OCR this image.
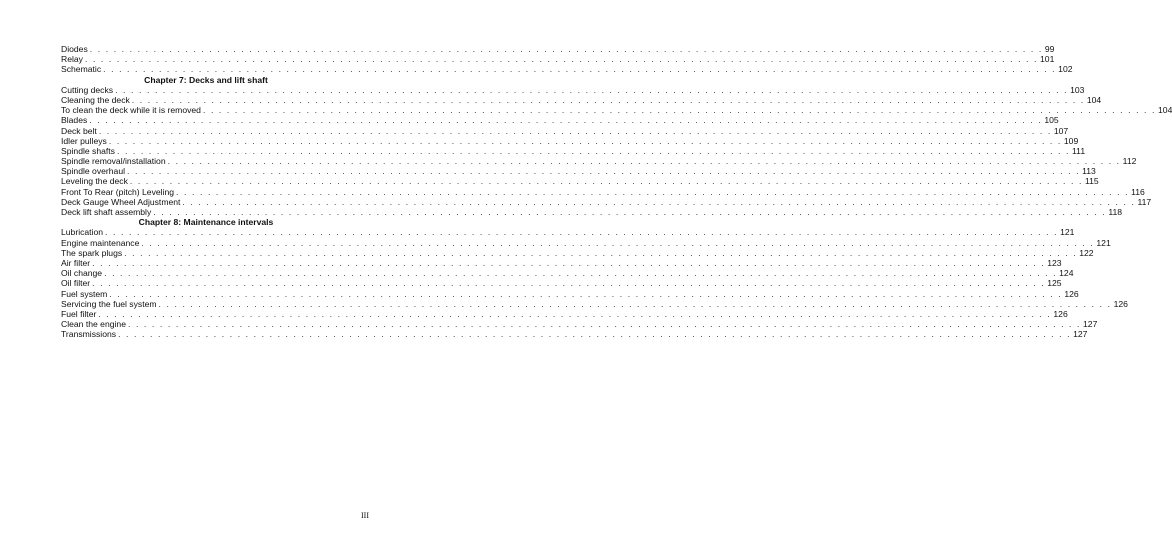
Diodes . . . . . . . . . . . . . . . . . . . . . . . . . . . . . . . . . . . . . . . . . . . . . . . . . . . . . . . . . . . . . . . . . . . . . . . . . . . . . . . . . . . . . . . . . . . . . . . . . . . . . . . . . . . . . . . . . . . . . . . . 99
Relay . . . . . . . . . . . . . . . . . . . . . . . . . . . . . . . . . . . . . . . . . . . . . . . . . . . . . . . . . . . . . . . . . . . . . . . . . . . . . . . . . . . . . . . . . . . . . . . . . . . . . . . . . . . . . . . . . . . . . . . . 101
Schematic . . . . . . . . . . . . . . . . . . . . . . . . . . . . . . . . . . . . . . . . . . . . . . . . . . . . . . . . . . . . . . . . . . . . . . . . . . . . . . . . . . . . . . . . . . . . . . . . . . . . . . . . . . . . . . . . . . . . . . . . 102
Chapter 7: Decks and lift shaft
Cutting decks . . . . . . . . . . . . . . . . . . . . . . . . . . . . . . . . . . . . . . . . . . . . . . . . . . . . . . . . . . . . . . . . . . . . . . . . . . . . . . . . . . . . . . . . . . . . . . . . . . . . . . . . . . . . . . . . . . . . . . . . 103
Cleaning the deck . . . . . . . . . . . . . . . . . . . . . . . . . . . . . . . . . . . . . . . . . . . . . . . . . . . . . . . . . . . . . . . . . . . . . . . . . . . . . . . . . . . . . . . . . . . . . . . . . . . . . . . . . . . . . . . . . . . . . . . . 104
To clean the deck while it is removed . . . . . . . . . . . . . . . . . . . . . . . . . . . . . . . . . . . . . . . . . . . . . . . . . . . . . . . . . . . . . . . . . . . . . . . . . . . . . . . . . . . . . . . . . . . . . . . . . . . . . . . . . . . . . . . . . . . . . . . . 104
Blades . . . . . . . . . . . . . . . . . . . . . . . . . . . . . . . . . . . . . . . . . . . . . . . . . . . . . . . . . . . . . . . . . . . . . . . . . . . . . . . . . . . . . . . . . . . . . . . . . . . . . . . . . . . . . . . . . . . . . . . . 105
Deck belt . . . . . . . . . . . . . . . . . . . . . . . . . . . . . . . . . . . . . . . . . . . . . . . . . . . . . . . . . . . . . . . . . . . . . . . . . . . . . . . . . . . . . . . . . . . . . . . . . . . . . . . . . . . . . . . . . . . . . . . . 107
Idler pulleys . . . . . . . . . . . . . . . . . . . . . . . . . . . . . . . . . . . . . . . . . . . . . . . . . . . . . . . . . . . . . . . . . . . . . . . . . . . . . . . . . . . . . . . . . . . . . . . . . . . . . . . . . . . . . . . . . . . . . . . . 109
Spindle shafts . . . . . . . . . . . . . . . . . . . . . . . . . . . . . . . . . . . . . . . . . . . . . . . . . . . . . . . . . . . . . . . . . . . . . . . . . . . . . . . . . . . . . . . . . . . . . . . . . . . . . . . . . . . . . . . . . . . . . . . . 111
Spindle removal/installation . . . . . . . . . . . . . . . . . . . . . . . . . . . . . . . . . . . . . . . . . . . . . . . . . . . . . . . . . . . . . . . . . . . . . . . . . . . . . . . . . . . . . . . . . . . . . . . . . . . . . . . . . . . . . . . . . . . . . . . . 112
Spindle overhaul . . . . . . . . . . . . . . . . . . . . . . . . . . . . . . . . . . . . . . . . . . . . . . . . . . . . . . . . . . . . . . . . . . . . . . . . . . . . . . . . . . . . . . . . . . . . . . . . . . . . . . . . . . . . . . . . . . . . . . . . 113
Leveling the deck . . . . . . . . . . . . . . . . . . . . . . . . . . . . . . . . . . . . . . . . . . . . . . . . . . . . . . . . . . . . . . . . . . . . . . . . . . . . . . . . . . . . . . . . . . . . . . . . . . . . . . . . . . . . . . . . . . . . . . . . 115
Front To Rear (pitch) Leveling . . . . . . . . . . . . . . . . . . . . . . . . . . . . . . . . . . . . . . . . . . . . . . . . . . . . . . . . . . . . . . . . . . . . . . . . . . . . . . . . . . . . . . . . . . . . . . . . . . . . . . . . . . . . . . . . . . . . . . . . 116
Deck Gauge Wheel Adjustment . . . . . . . . . . . . . . . . . . . . . . . . . . . . . . . . . . . . . . . . . . . . . . . . . . . . . . . . . . . . . . . . . . . . . . . . . . . . . . . . . . . . . . . . . . . . . . . . . . . . . . . . . . . . . . . . . . . . . . . . 117
Deck lift shaft assembly . . . . . . . . . . . . . . . . . . . . . . . . . . . . . . . . . . . . . . . . . . . . . . . . . . . . . . . . . . . . . . . . . . . . . . . . . . . . . . . . . . . . . . . . . . . . . . . . . . . . . . . . . . . . . . . . . . . . . . . . 118
Chapter 8: Maintenance intervals
Lubrication . . . . . . . . . . . . . . . . . . . . . . . . . . . . . . . . . . . . . . . . . . . . . . . . . . . . . . . . . . . . . . . . . . . . . . . . . . . . . . . . . . . . . . . . . . . . . . . . . . . . . . . . . . . . . . . . . . . . . . . . 121
Engine maintenance . . . . . . . . . . . . . . . . . . . . . . . . . . . . . . . . . . . . . . . . . . . . . . . . . . . . . . . . . . . . . . . . . . . . . . . . . . . . . . . . . . . . . . . . . . . . . . . . . . . . . . . . . . . . . . . . . . . . . . . . 121
The spark plugs . . . . . . . . . . . . . . . . . . . . . . . . . . . . . . . . . . . . . . . . . . . . . . . . . . . . . . . . . . . . . . . . . . . . . . . . . . . . . . . . . . . . . . . . . . . . . . . . . . . . . . . . . . . . . . . . . . . . . . . . 122
Air filter . . . . . . . . . . . . . . . . . . . . . . . . . . . . . . . . . . . . . . . . . . . . . . . . . . . . . . . . . . . . . . . . . . . . . . . . . . . . . . . . . . . . . . . . . . . . . . . . . . . . . . . . . . . . . . . . . . . . . . . . 123
Oil change . . . . . . . . . . . . . . . . . . . . . . . . . . . . . . . . . . . . . . . . . . . . . . . . . . . . . . . . . . . . . . . . . . . . . . . . . . . . . . . . . . . . . . . . . . . . . . . . . . . . . . . . . . . . . . . . . . . . . . . . 124
Oil filter . . . . . . . . . . . . . . . . . . . . . . . . . . . . . . . . . . . . . . . . . . . . . . . . . . . . . . . . . . . . . . . . . . . . . . . . . . . . . . . . . . . . . . . . . . . . . . . . . . . . . . . . . . . . . . . . . . . . . . . . 125
Fuel system . . . . . . . . . . . . . . . . . . . . . . . . . . . . . . . . . . . . . . . . . . . . . . . . . . . . . . . . . . . . . . . . . . . . . . . . . . . . . . . . . . . . . . . . . . . . . . . . . . . . . . . . . . . . . . . . . . . . . . . . 126
Servicing the fuel system . . . . . . . . . . . . . . . . . . . . . . . . . . . . . . . . . . . . . . . . . . . . . . . . . . . . . . . . . . . . . . . . . . . . . . . . . . . . . . . . . . . . . . . . . . . . . . . . . . . . . . . . . . . . . . . . . . . . . . . . 126
Fuel filter . . . . . . . . . . . . . . . . . . . . . . . . . . . . . . . . . . . . . . . . . . . . . . . . . . . . . . . . . . . . . . . . . . . . . . . . . . . . . . . . . . . . . . . . . . . . . . . . . . . . . . . . . . . . . . . . . . . . . . . . 126
Clean the engine . . . . . . . . . . . . . . . . . . . . . . . . . . . . . . . . . . . . . . . . . . . . . . . . . . . . . . . . . . . . . . . . . . . . . . . . . . . . . . . . . . . . . . . . . . . . . . . . . . . . . . . . . . . . . . . . . . . . . . . . 127
Transmissions . . . . . . . . . . . . . . . . . . . . . . . . . . . . . . . . . . . . . . . . . . . . . . . . . . . . . . . . . . . . . . . . . . . . . . . . . . . . . . . . . . . . . . . . . . . . . . . . . . . . . . . . . . . . . . . . . . . . . . . . 127
III
